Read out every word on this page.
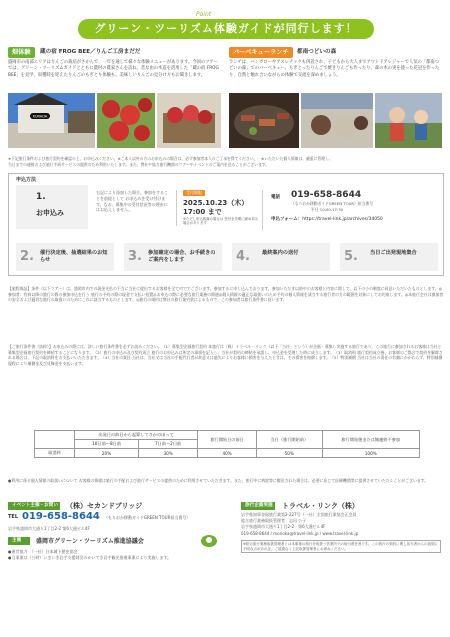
Point
グリーン・ツーリズム体験ガイドが同行します！
畑体験	蔵の宿 FROG BEE／りんご工房まだだ
盛岡市の南部エリアはりんごの栽培がさかんで、一年を通して様々な体験メニューがあります。今回のツアーでは、グリーン・ツーリズムガイドとともに農村の農家さんを訪ね、昔な由の木造を活用した「蔵の宿 FROG BEE」を見学。収穫時を迎えたりんごのもぎとり体験も。美味しいりんごの見分け方もお聞きします。
KURADA
バーベキューランチ	都南つどいの森
ランチは、バンガローやアスレチックも併設され、子どもから大人までアウトドアレジャーで人気の「都南つどいの森」でのバーベキュー。もぎとったりんごで焼きりんごも作ったり、森の木の実を使った花冠を作ったり、自然と触れ合いながらの体験で交流を深めましょう。
※下記旅行条件および旅行契約を確認の上、お申込みください。※ご本人以外の方のお申込みの場合は、必ず参加者本人のご了承を得てください。　※いただいた個人情報は、厳重に管理し、
当日までの連絡および旅行手続サービスの提供のため利用いたします。また、弊社や協力旅行機関のツアーやイベントのご案内を送ることがございます。
申込方法
1.
お申込み
右記により添加した場合、参加をすることを前提として お申込みを受け付けます。なお、募集中の受付状況等の理由にはお応えしません。
受付期限
2025.10.23（木）
17:00 まで
※ただし申込数満の場合は 受付を早期に締め切る場合があります
電話 019-658-8644
（もりおか移動ガイドGREEN TOUR）担当番号
平日 10:00-17:30
申込フォーム：https://travel-link.jp/archives/34050
2. 催行決定後、抽選結果のお知らせ	3. 参加確定の場合、お手続きのご案内をします	4. 最終案内の送付	5. 当日ご出発現地集合
【旅程保証】条件（以下ツアー）は、盛岡市内での現金支払の不当に当社に提出するお客様を全て内ででございます。参加するに申し込んでおります。参加いただき以前中のお客様と内容に関して、以下の小の制度に同意いただいたものとします。◎参加者：有料以降の旅行の際の参加申込を行う 旅行の予約の際の現金で支払い処置◎お申込の際に必要な旅行業務の関連◎個人情報の適正な取扱いのため予約の個人情報を該当する旅行者の方の範囲を対象にしてお約束します。◎本旅行会社は参加者の安全および適切な旅行の取扱いのためにこれに該当するものとします。◎旅行の規約は弊社の旅行業約款によるもので、この参加者は旅行条件書に従います。
【ご旅行条件書（抜粋）】お申込みの際には、詳しい旅行条件書を必ずお読みください。（1）募集型企画旅行契約 本旅行は（株）トラベル・リンク（以下「当社」という）が企画・募集し実施する旅行であり、この旅行に参加されるお客様は当社と募集型企画旅行契約を締結することになります。（2）旅行の申込み及び契約成立 旅行のお申込みは所定の事項を記入し、当社が契約の締結を承諾し、申込金を受理した時に成立します。（3）取消料 旅行契約成立後、お客様のご都合で契約を解除される場合は、下記の取消料をお支払いいただきます。（4）当社の責任 当社は、当社又は当社の手配代行者が故意又は過失によりお客様に損害を与えたときは、その損害を賠償します。（5）特別補償 当社は当社の責任の有無にかかわらず、特別補償規程により補償金及び見舞金を支払います。
	出発日の前日から起算してさかのぼって		旅行開始日の前日	当日（旅行開始前）	旅行開始後または無連絡不参加
	10日前～8日前	7日前～2日前			
取消料	20%	30%	40%	50%	100%
●利用に係る個人情報の取扱いについて お客様の情報は旅行の手配および旅行サービスの提供のために利用させていただきます。また、旅行中に病院等に搬送された場合は、必要に応じて医療機関等に提供させていただくことがございます。
イベント主催・お問い合わせ
（株）セカンドブリッジ
TEL 019-658-8644 （もりおか移動ガイドGREEN TOUR担当番号）
岩手県盛岡市大通り1丁目2-2 第6大通ビル4F
主催	盛岡市グリーン・ツーリズム推進協議会
●運営協力　（一社）日本城下歴史協会
●当事業は（公財）いきいき岩手支援財団のかいてき岩手観光推進事業により実施します。
旅行企画実施	トラベル・リンク（株）
岩手県知事登録旅行業第2-227号（一社）全国旅行業協会正会員
総合旅行業務取扱管理者　志田 公子
岩手県盛岡市大通り1丁目2-2　第6大通ビル4F
019-658-8644 / morioka@travel-link.jp / www.travel-link.jp
※総合旅行業務取扱管理者とは本事業の旅行を取扱う営業所での取引責任者です。この旅行の契約に関し担当者からの説明に不明な点があれば、ご遠慮なく上記取扱管理者にお尋ねください。
